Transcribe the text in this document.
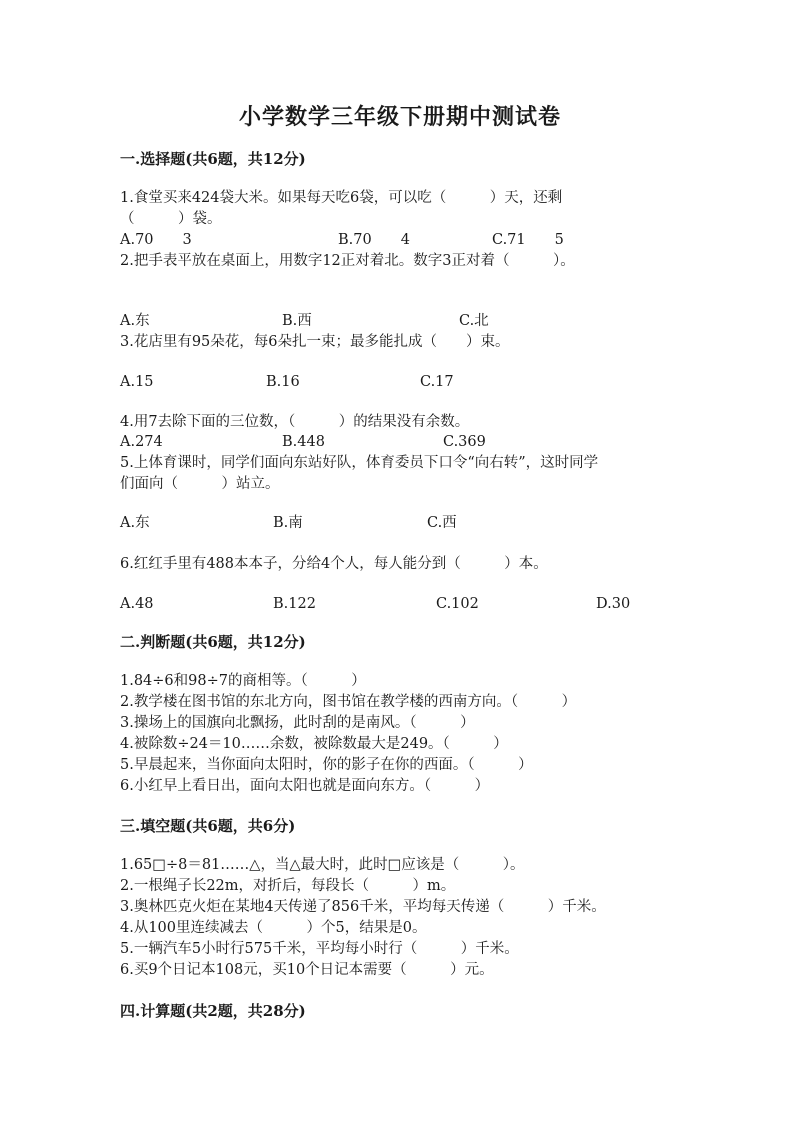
小学数学三年级下册期中测试卷
一.选择题(共6题，共12分)
1.食堂买来424袋大米。如果每天吃6袋，可以吃（　　　）天，还剩
（　　　）袋。
A.70　　3	B.70　　4	C.71　　5
2.把手表平放在桌面上，用数字12正对着北。数字3正对着（　　　）。
A.东	B.西	C.北
3.花店里有95朵花，每6朵扎一束；最多能扎成（　　）束。
A.15	B.16	C.17
4.用7去除下面的三位数，（　　　）的结果没有余数。
A.274	B.448	C.369
5.上体育课时，同学们面向东站好队，体育委员下口令“向右转”，这时同学
们面向（　　　）站立。
A.东	B.南	C.西
6.红红手里有488本本子，分给4个人，每人能分到（　　　）本。
A.48	B.122	C.102	D.30
二.判断题(共6题，共12分)
1.84÷6和98÷7的商相等。（　　　）
2.教学楼在图书馆的东北方向，图书馆在教学楼的西南方向。（　　　）
3.操场上的国旗向北飘扬，此时刮的是南风。（　　　）
4.被除数÷24＝10……余数，被除数最大是249。（　　　）
5.早晨起来，当你面向太阳时，你的影子在你的西面。（　　　）
6.小红早上看日出，面向太阳也就是面向东方。（　　　）
三.填空题(共6题，共6分)
1.65□÷8＝81……△，当△最大时，此时□应该是（　　　）。
2.一根绳子长22m，对折后，每段长（　　　）m。
3.奥林匹克火炬在某地4天传递了856千米，平均每天传递（　　　）千米。
4.从100里连续减去（　　　）个5，结果是0。
5.一辆汽车5小时行575千米，平均每小时行（　　　）千米。
6.买9个日记本108元，买10个日记本需要（　　　）元。
四.计算题(共2题，共28分)
